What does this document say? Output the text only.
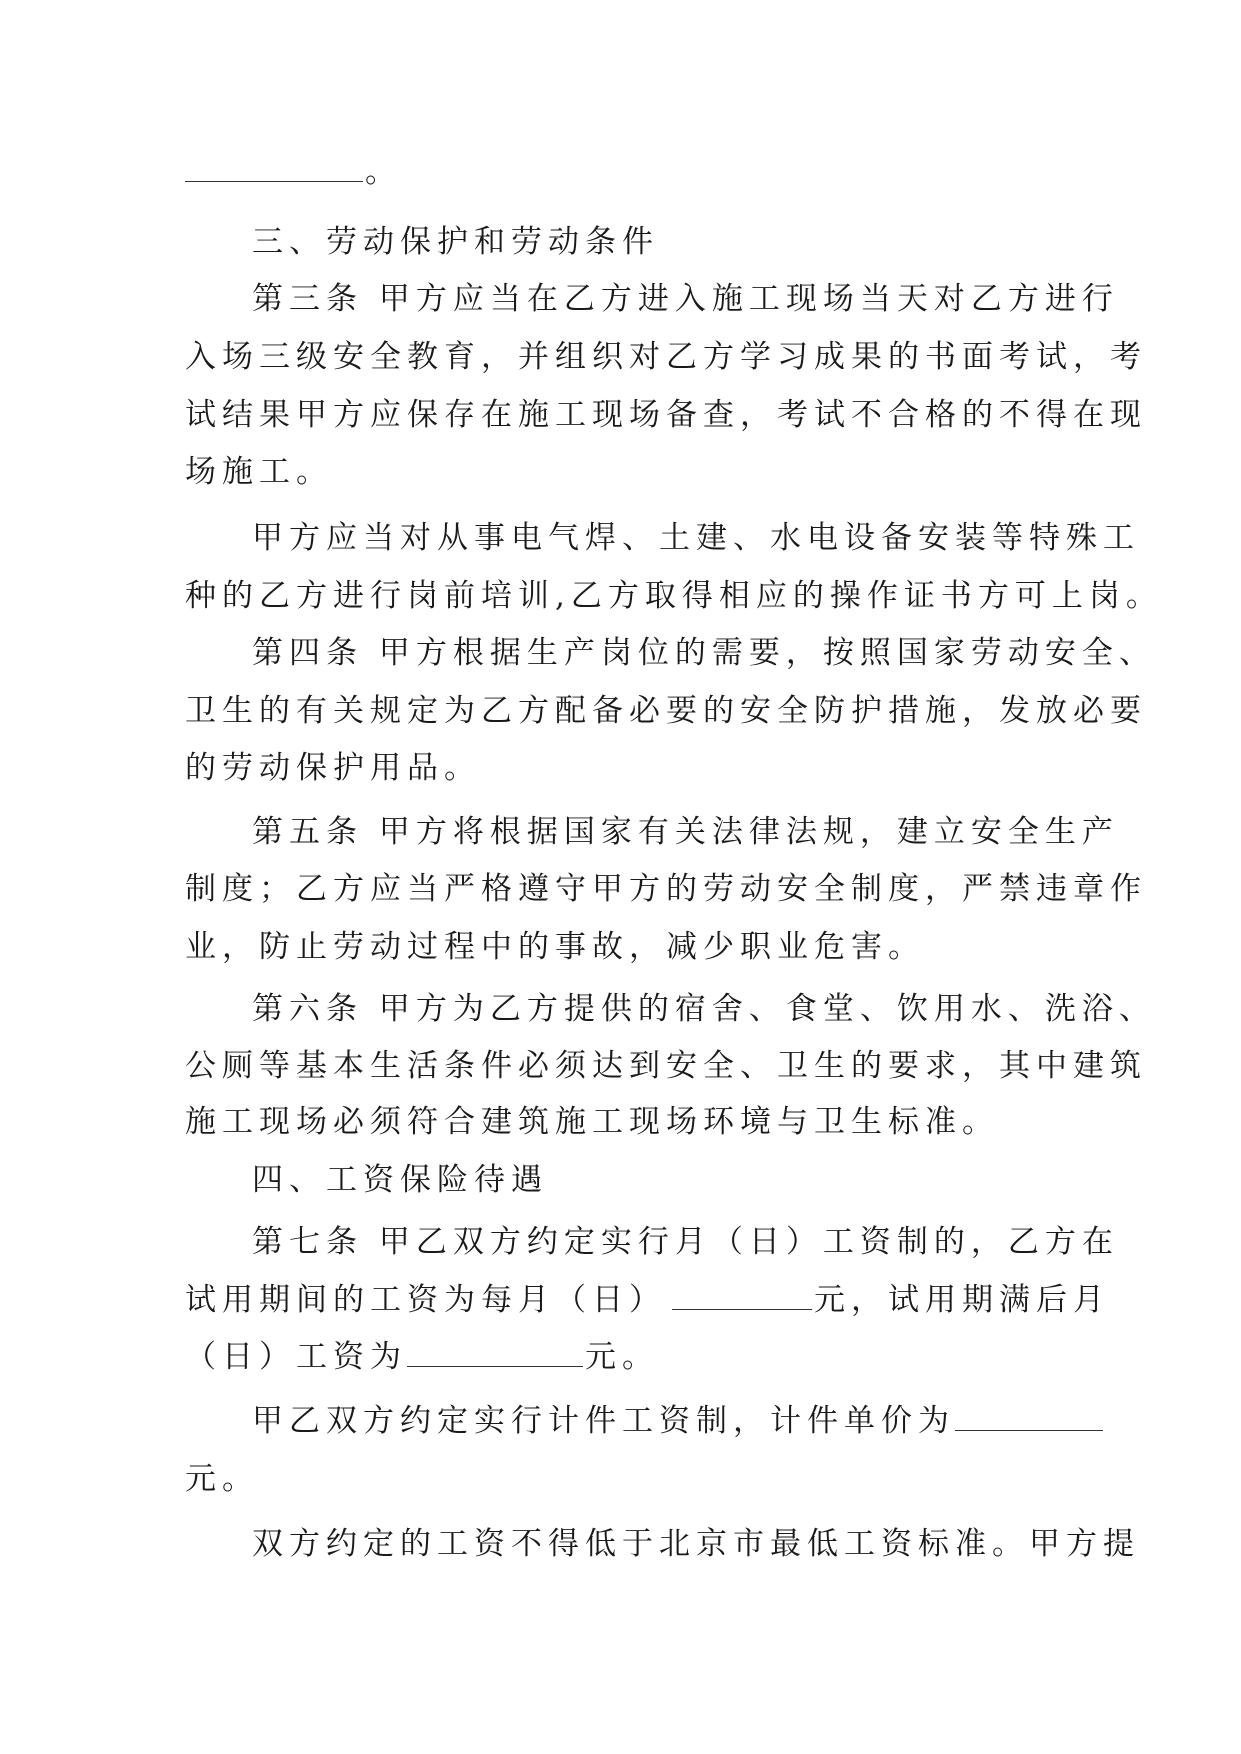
。
三、劳动保护和劳动条件
第三条 甲方应当在乙方进入施工现场当天对乙方进行
入场三级安全教育，并组织对乙方学习成果的书面考试，考
试结果甲方应保存在施工现场备查，考试不合格的不得在现
场施工。
甲方应当对从事电气焊、土建、水电设备安装等特殊工
种的乙方进行岗前培训,乙方取得相应的操作证书方可上岗。
第四条 甲方根据生产岗位的需要，按照国家劳动安全、
卫生的有关规定为乙方配备必要的安全防护措施，发放必要
的劳动保护用品。
第五条 甲方将根据国家有关法律法规，建立安全生产
制度；乙方应当严格遵守甲方的劳动安全制度，严禁违章作
业，防止劳动过程中的事故，减少职业危害。
第六条 甲方为乙方提供的宿舍、食堂、饮用水、洗浴、
公厕等基本生活条件必须达到安全、卫生的要求，其中建筑
施工现场必须符合建筑施工现场环境与卫生标准。
四、工资保险待遇
第七条 甲乙双方约定实行月（日）工资制的，乙方在
试用期间的工资为每月（日）	元，试用期满后月
（日）工资为	元。
甲乙双方约定实行计件工资制，计件单价为
元。
双方约定的工资不得低于北京市最低工资标准。甲方提
